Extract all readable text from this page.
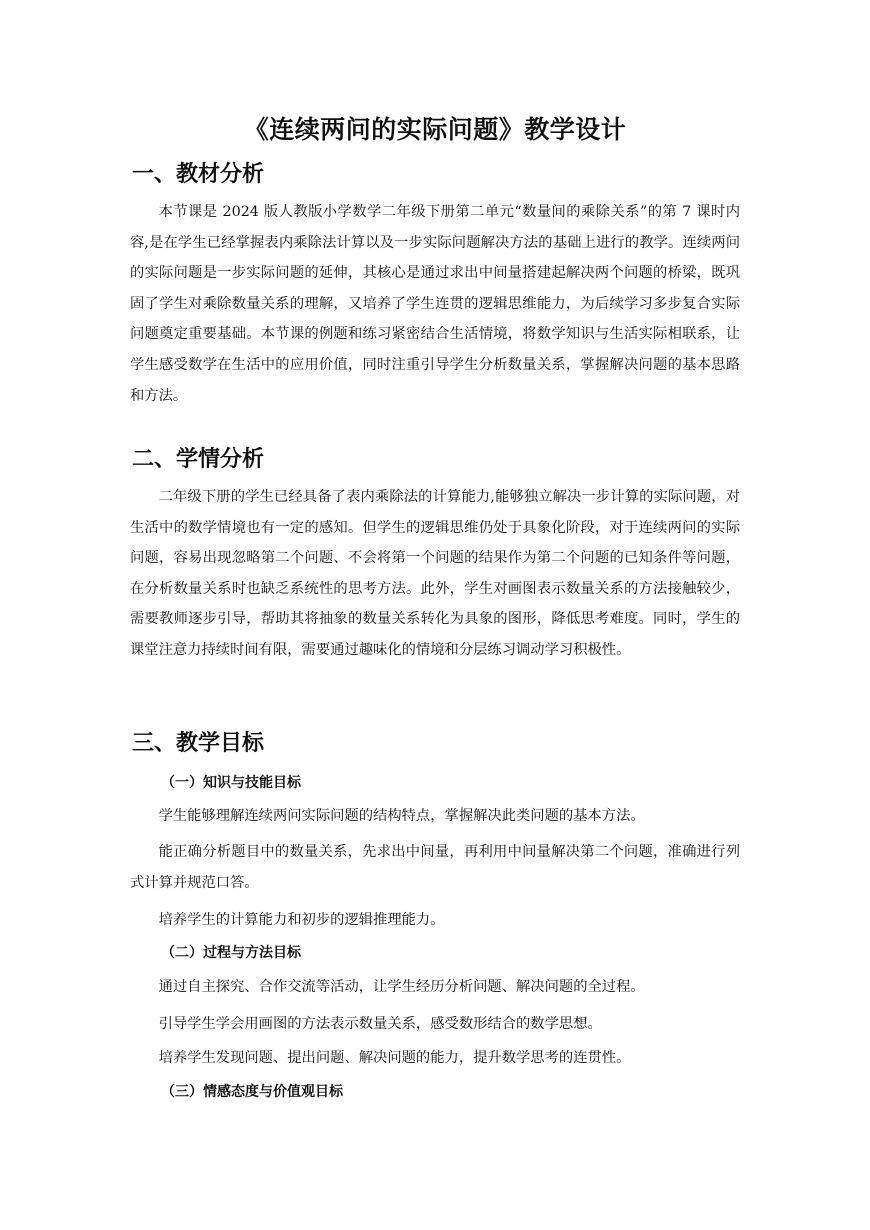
《连续两问的实际问题》教学设计
一、教材分析

本节课是 2024 版人教版小学数学二年级下册第二单元“数量间的乘除关系”的第 7 课时内容,是在学生已经掌握表内乘除法计算以及一步实际问题解决方法的基础上进行的教学。连续两问的实际问题是一步实际问题的延伸，其核心是通过求出中间量搭建起解决两个问题的桥梁，既巩固了学生对乘除数量关系的理解，又培养了学生连贯的逻辑思维能力，为后续学习多步复合实际问题奠定重要基础。本节课的例题和练习紧密结合生活情境，将数学知识与生活实际相联系，让学生感受数学在生活中的应用价值，同时注重引导学生分析数量关系，掌握解决问题的基本思路和方法。

二、学情分析

二年级下册的学生已经具备了表内乘除法的计算能力,能够独立解决一步计算的实际问题，对生活中的数学情境也有一定的感知。但学生的逻辑思维仍处于具象化阶段，对于连续两问的实际问题，容易出现忽略第二个问题、不会将第一个问题的结果作为第二个问题的已知条件等问题，在分析数量关系时也缺乏系统性的思考方法。此外，学生对画图表示数量关系的方法接触较少，需要教师逐步引导，帮助其将抽象的数量关系转化为具象的图形，降低思考难度。同时，学生的课堂注意力持续时间有限，需要通过趣味化的情境和分层练习调动学习积极性。

三、教学目标
（一）知识与技能目标

学生能够理解连续两问实际问题的结构特点，掌握解决此类问题的基本方法。

能正确分析题目中的数量关系，先求出中间量，再利用中间量解决第二个问题，准确进行列式计算并规范口答。

培养学生的计算能力和初步的逻辑推理能力。

（二）过程与方法目标

通过自主探究、合作交流等活动，让学生经历分析问题、解决问题的全过程。

引导学生学会用画图的方法表示数量关系，感受数形结合的数学思想。

培养学生发现问题、提出问题、解决问题的能力，提升数学思考的连贯性。

（三）情感态度与价值观目标
